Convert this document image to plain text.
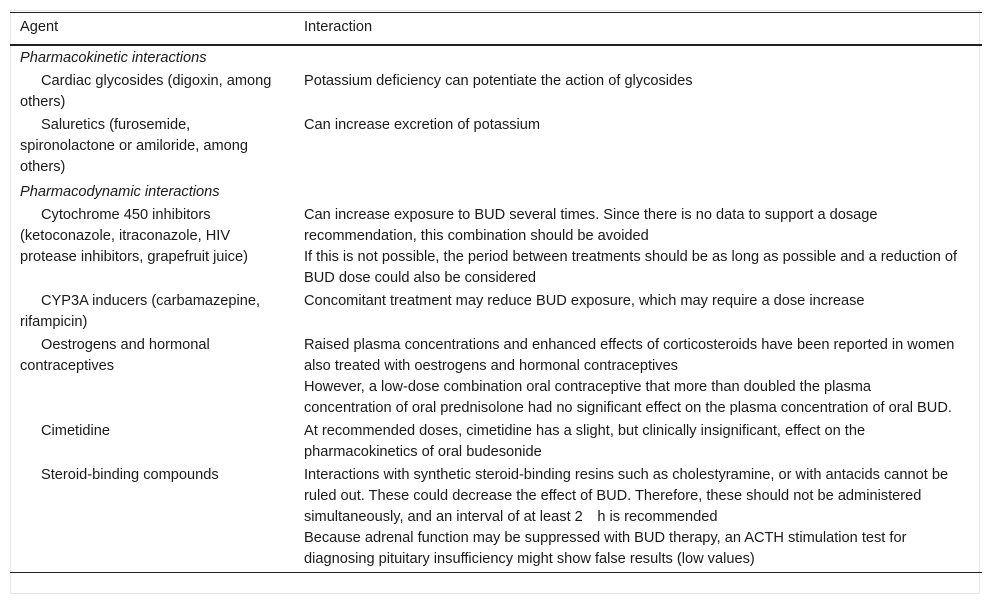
Agent	Interaction
Pharmacokinetic interactions	

Cardiac glycosides (digoxin, among others)	Potassium deficiency can potentiate the action of glycosides

Saluretics (furosemide, spironolactone or amiloride, among others)	Can increase excretion of potassium

Pharmacodynamic interactions	

Cytochrome 450 inhibitors (ketoconazole, itraconazole, HIV protease inhibitors, grapefruit juice)	Can increase exposure to BUD several times. Since there is no data to support a dosage recommendation, this combination should be avoided
If this is not possible, the period between treatments should be as long as possible and a reduction of BUD dose could also be considered

CYP3A inducers (carbamazepine, rifampicin)	Concomitant treatment may reduce BUD exposure, which may require a dose increase

Oestrogens and hormonal contraceptives	Raised plasma concentrations and enhanced effects of corticosteroids have been reported in women also treated with oestrogens and hormonal contraceptives
However, a low-dose combination oral contraceptive that more than doubled the plasma concentration of oral prednisolone had no significant effect on the plasma concentration of oral BUD.

Cimetidine	At recommended doses, cimetidine has a slight, but clinically insignificant, effect on the pharmacokinetics of oral budesonide

Steroid-binding compounds	Interactions with synthetic steroid-binding resins such as cholestyramine, or with antacids cannot be ruled out. These could decrease the effect of BUD. Therefore, these should not be administered simultaneously, and an interval of at least 2 h is recommended
Because adrenal function may be suppressed with BUD therapy, an ACTH stimulation test for diagnosing pituitary insufficiency might show false results (low values)
